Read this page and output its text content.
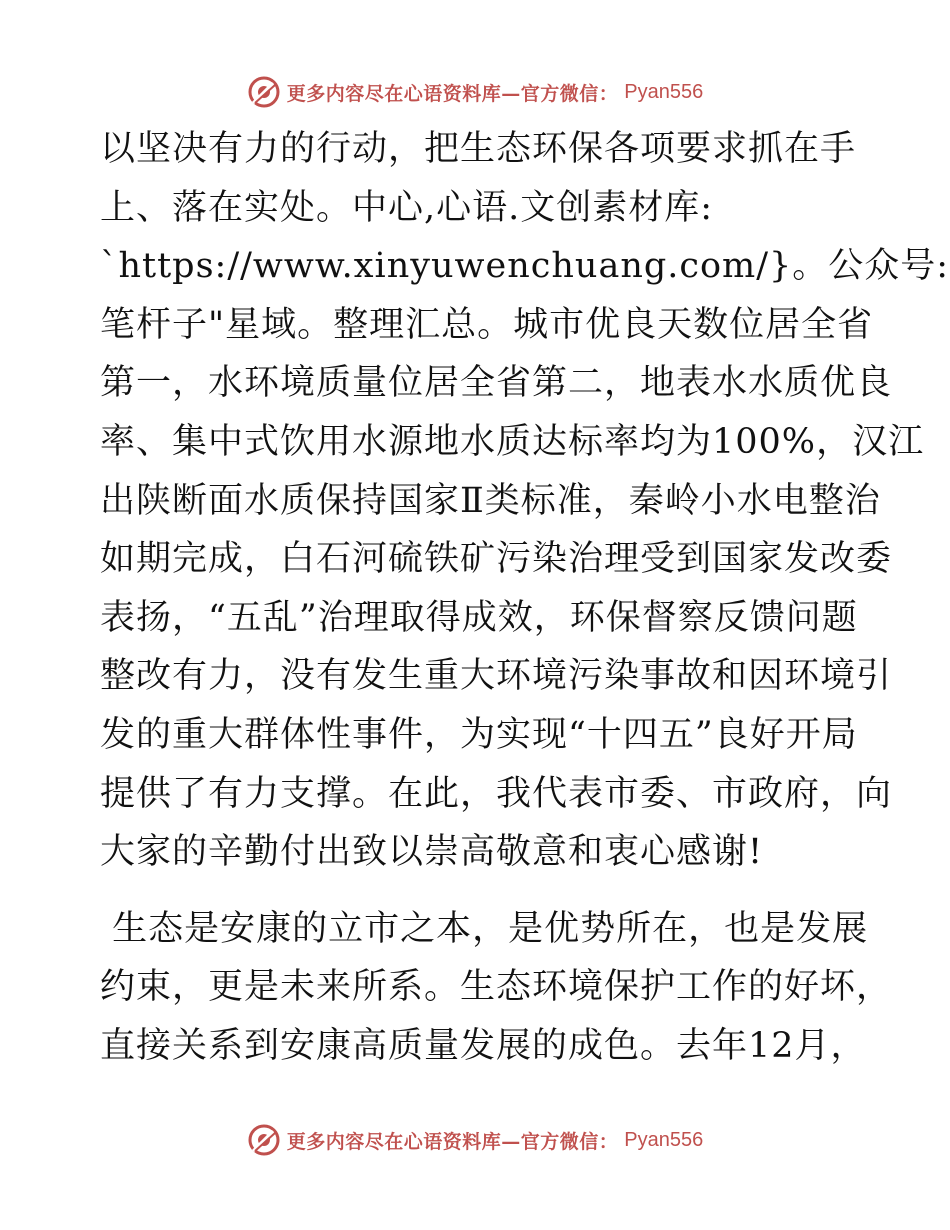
更多内容尽在心语资料库—官方微信： Pyan556
以坚决有力的行动，把生态环保各项要求抓在手
上、落在实处。中心,心语.文创素材库:
`https://www.xinyuwenchuang.com/}。公众号:
笔杆子"星域。整理汇总。城市优良天数位居全省
第一，水环境质量位居全省第二，地表水水质优良
率、集中式饮用水源地水质达标率均为100%，汉江
出陕断面水质保持国家Ⅱ类标准，秦岭小水电整治
如期完成，白石河硫铁矿污染治理受到国家发改委
表扬，“五乱”治理取得成效，环保督察反馈问题
整改有力，没有发生重大环境污染事故和因环境引
发的重大群体性事件，为实现“十四五”良好开局
提供了有力支撑。在此，我代表市委、市政府，向
大家的辛勤付出致以崇高敬意和衷心感谢!
生态是安康的立市之本，是优势所在，也是发展
约束，更是未来所系。生态环境保护工作的好坏，
直接关系到安康高质量发展的成色。去年12月，
更多内容尽在心语资料库—官方微信： Pyan556
